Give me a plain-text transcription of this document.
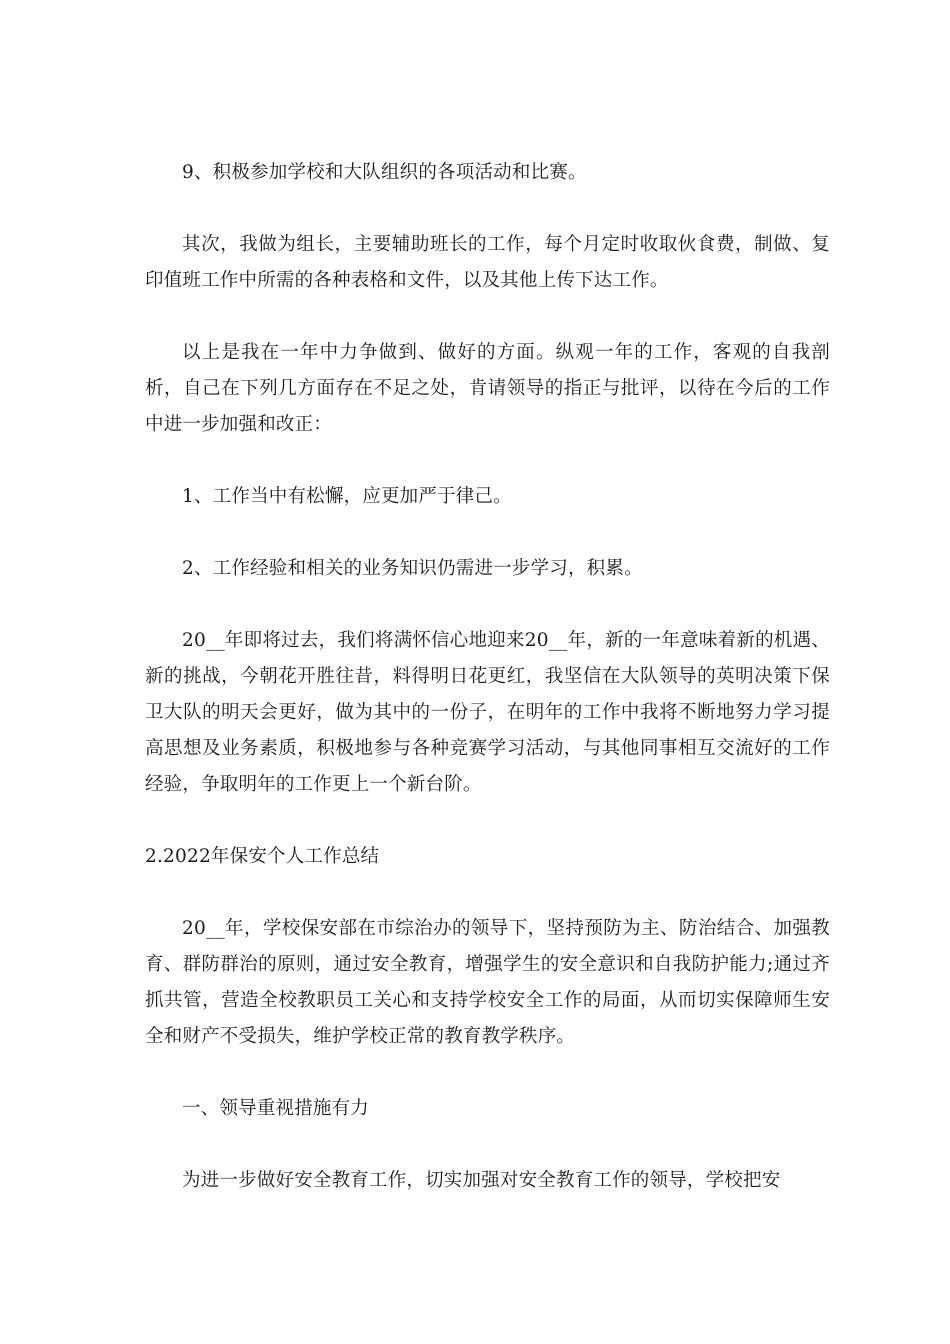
9、积极参加学校和大队组织的各项活动和比赛。

其次，我做为组长，主要辅助班长的工作，每个月定时收取伙食费，制做、复印值班工作中所需的各种表格和文件，以及其他上传下达工作。

以上是我在一年中力争做到、做好的方面。纵观一年的工作，客观的自我剖析，自己在下列几方面存在不足之处，肯请领导的指正与批评，以待在今后的工作中进一步加强和改正：

1、工作当中有松懈，应更加严于律己。

2、工作经验和相关的业务知识仍需进一步学习，积累。

20__年即将过去，我们将满怀信心地迎来20__年，新的一年意味着新的机遇、新的挑战，今朝花开胜往昔，料得明日花更红，我坚信在大队领导的英明决策下保卫大队的明天会更好，做为其中的一份子，在明年的工作中我将不断地努力学习提高思想及业务素质，积极地参与各种竞赛学习活动，与其他同事相互交流好的工作经验，争取明年的工作更上一个新台阶。

2.2022年保安个人工作总结

20__年，学校保安部在市综治办的领导下，坚持预防为主、防治结合、加强教育、群防群治的原则，通过安全教育，增强学生的安全意识和自我防护能力;通过齐抓共管，营造全校教职员工关心和支持学校安全工作的局面，从而切实保障师生安全和财产不受损失，维护学校正常的教育教学秩序。

一、领导重视措施有力

为进一步做好安全教育工作，切实加强对安全教育工作的领导，学校把安
